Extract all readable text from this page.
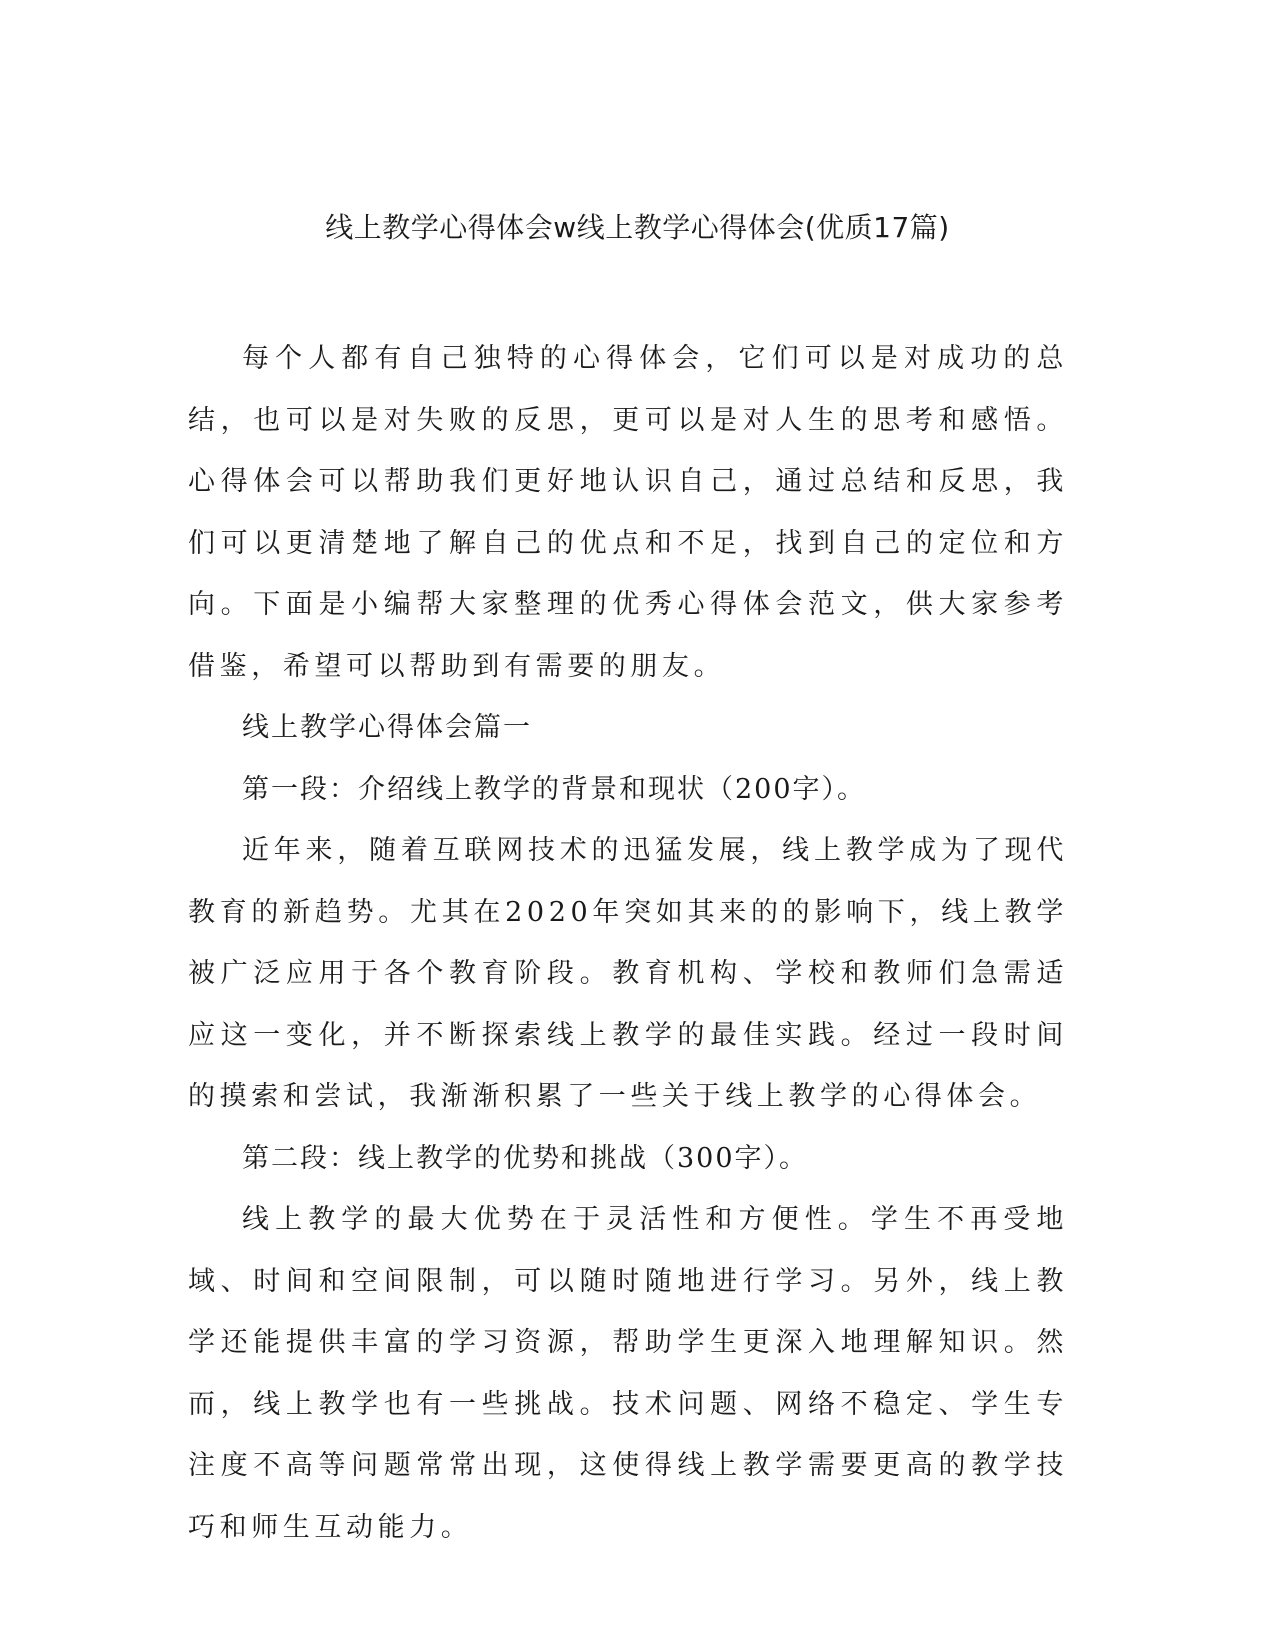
线上教学心得体会w线上教学心得体会(优质17篇)

每个人都有自己独特的心得体会，它们可以是对成功的总结，也可以是对失败的反思，更可以是对人生的思考和感悟。心得体会可以帮助我们更好地认识自己，通过总结和反思，我们可以更清楚地了解自己的优点和不足，找到自己的定位和方向。下面是小编帮大家整理的优秀心得体会范文，供大家参考借鉴，希望可以帮助到有需要的朋友。

线上教学心得体会篇一

第一段：介绍线上教学的背景和现状（200字）。

近年来，随着互联网技术的迅猛发展，线上教学成为了现代教育的新趋势。尤其在2020年突如其来的的影响下，线上教学被广泛应用于各个教育阶段。教育机构、学校和教师们急需适应这一变化，并不断探索线上教学的最佳实践。经过一段时间的摸索和尝试，我渐渐积累了一些关于线上教学的心得体会。

第二段：线上教学的优势和挑战（300字）。

线上教学的最大优势在于灵活性和方便性。学生不再受地域、时间和空间限制，可以随时随地进行学习。另外，线上教学还能提供丰富的学习资源，帮助学生更深入地理解知识。然而，线上教学也有一些挑战。技术问题、网络不稳定、学生专注度不高等问题常常出现，这使得线上教学需要更高的教学技巧和师生互动能力。
